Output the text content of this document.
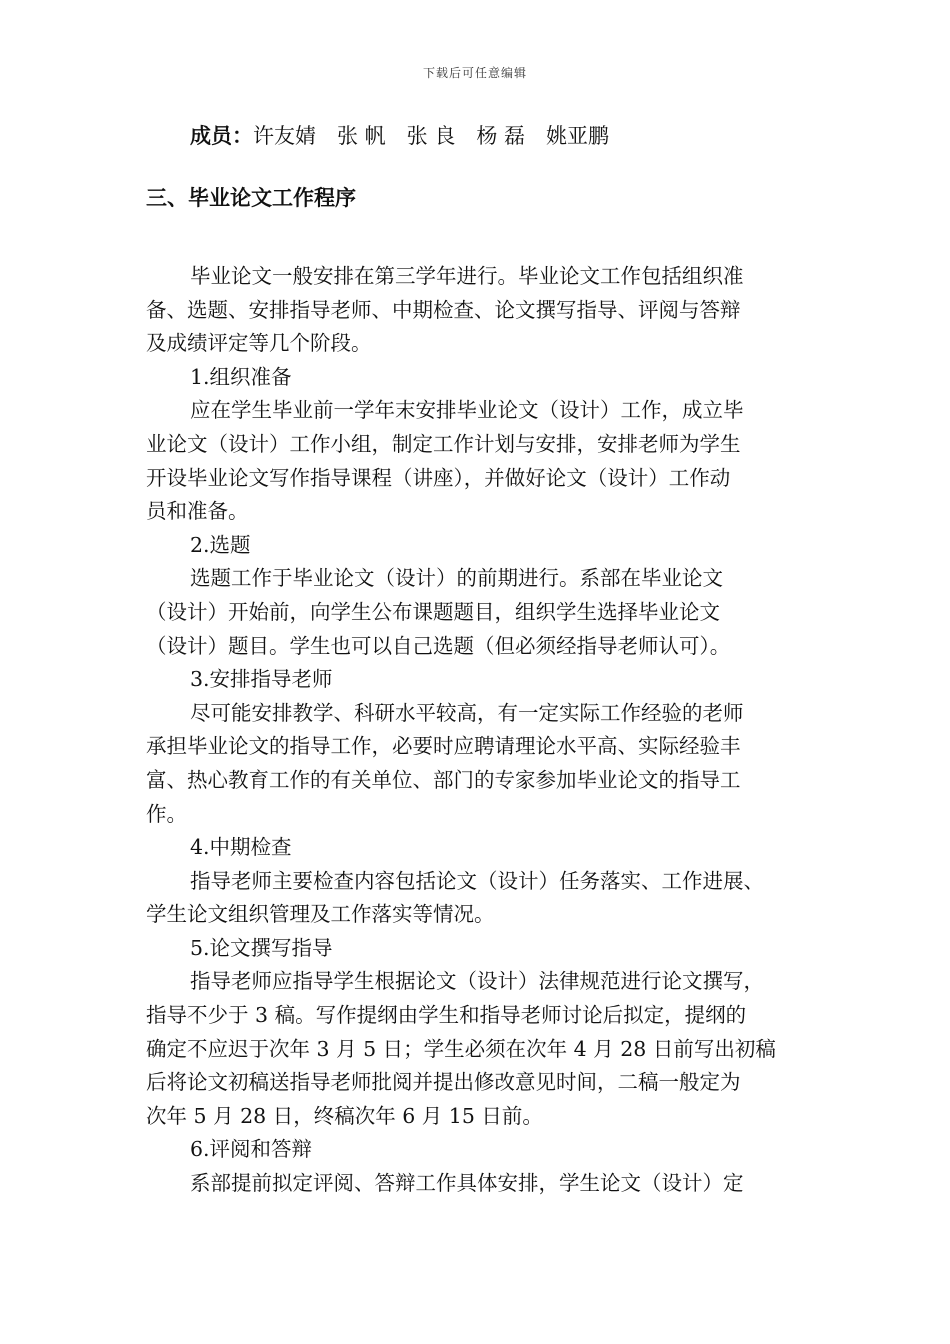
下载后可任意编辑
成员：许友婧　张 帆　张 良　杨 磊　姚亚鹏
三、毕业论文工作程序
毕业论文一般安排在第三学年进行。毕业论文工作包括组织准
备、选题、安排指导老师、中期检查、论文撰写指导、评阅与答辩
及成绩评定等几个阶段。
1.组织准备
应在学生毕业前一学年末安排毕业论文（设计）工作，成立毕
业论文（设计）工作小组，制定工作计划与安排，安排老师为学生
开设毕业论文写作指导课程（讲座），并做好论文（设计）工作动
员和准备。
2.选题
选题工作于毕业论文（设计）的前期进行。系部在毕业论文
（设计）开始前，向学生公布课题题目，组织学生选择毕业论文
（设计）题目。学生也可以自己选题（但必须经指导老师认可）。
3.安排指导老师
尽可能安排教学、科研水平较高，有一定实际工作经验的老师
承担毕业论文的指导工作，必要时应聘请理论水平高、实际经验丰
富、热心教育工作的有关单位、部门的专家参加毕业论文的指导工
作。
4.中期检查
指导老师主要检查内容包括论文（设计）任务落实、工作进展、
学生论文组织管理及工作落实等情况。
5.论文撰写指导
指导老师应指导学生根据论文（设计）法律规范进行论文撰写，
指导不少于 3 稿。写作提纲由学生和指导老师讨论后拟定，提纲的
确定不应迟于次年 3 月 5 日；学生必须在次年 4 月 28 日前写出初稿
后将论文初稿送指导老师批阅并提出修改意见时间，二稿一般定为
次年 5 月 28 日，终稿次年 6 月 15 日前。
6.评阅和答辩
系部提前拟定评阅、答辩工作具体安排，学生论文（设计）定
